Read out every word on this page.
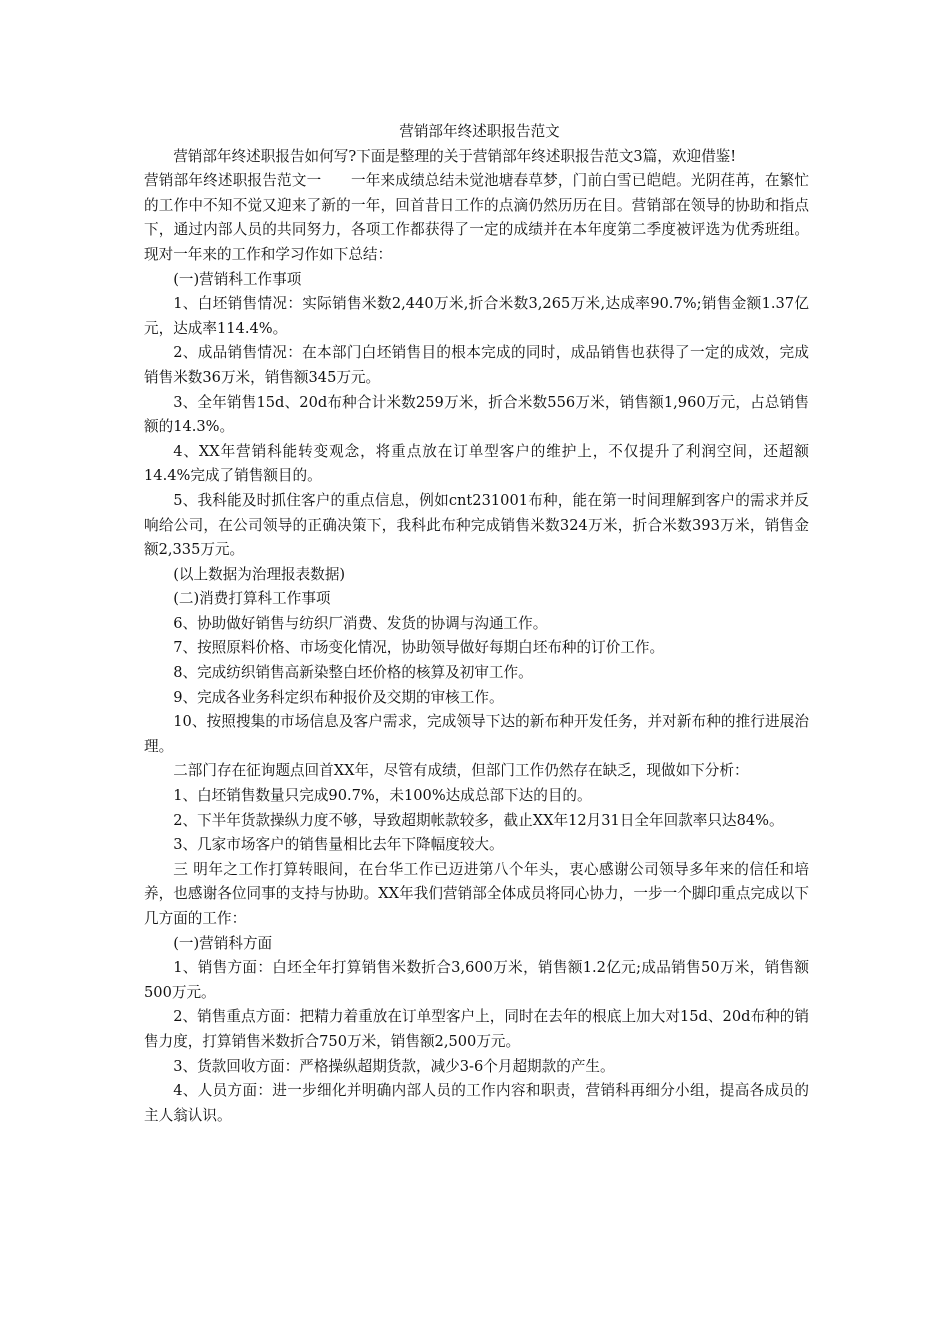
营销部年终述职报告范文

营销部年终述职报告如何写?下面是整理的关于营销部年终述职报告范文3篇，欢迎借鉴!

营销部年终述职报告范文一　　一年来成绩总结未觉池塘春草梦，门前白雪已皑皑。光阴荏苒，在繁忙的工作中不知不觉又迎来了新的一年，回首昔日工作的点滴仍然历历在目。营销部在领导的协助和指点下，通过内部人员的共同努力，各项工作都获得了一定的成绩并在本年度第二季度被评选为优秀班组。现对一年来的工作和学习作如下总结：

(一)营销科工作事项

1、白坯销售情况：实际销售米数2,440万米,折合米数3,265万米,达成率90.7%;销售金额1.37亿元，达成率114.4%。

2、成品销售情况：在本部门白坯销售目的根本完成的同时，成品销售也获得了一定的成效，完成销售米数36万米，销售额345万元。

3、全年销售15d、20d布种合计米数259万米，折合米数556万米，销售额1,960万元，占总销售额的14.3%。

4、XX年营销科能转变观念，将重点放在订单型客户的维护上，不仅提升了利润空间，还超额14.4%完成了销售额目的。

5、我科能及时抓住客户的重点信息，例如cnt231001布种，能在第一时间理解到客户的需求并反响给公司，在公司领导的正确决策下，我科此布种完成销售米数324万米，折合米数393万米，销售金额2,335万元。

(以上数据为治理报表数据)

(二)消费打算科工作事项

6、协助做好销售与纺织厂消费、发货的协调与沟通工作。

7、按照原料价格、市场变化情况，协助领导做好每期白坯布种的订价工作。

8、完成纺织销售高新染整白坯价格的核算及初审工作。

9、完成各业务科定织布种报价及交期的审核工作。

10、按照搜集的市场信息及客户需求，完成领导下达的新布种开发任务，并对新布种的推行进展治理。

二部门存在征询题点回首XX年，尽管有成绩，但部门工作仍然存在缺乏，现做如下分析：

1、白坯销售数量只完成90.7%，未100%达成总部下达的目的。

2、下半年货款操纵力度不够，导致超期帐款较多，截止XX年12月31日全年回款率只达84%。

3、几家市场客户的销售量相比去年下降幅度较大。

三 明年之工作打算转眼间，在台华工作已迈进第八个年头，衷心感谢公司领导多年来的信任和培养，也感谢各位同事的支持与协助。XX年我们营销部全体成员将同心协力，一步一个脚印重点完成以下几方面的工作：

(一)营销科方面

1、销售方面：白坯全年打算销售米数折合3,600万米，销售额1.2亿元;成品销售50万米，销售额500万元。

2、销售重点方面：把精力着重放在订单型客户上，同时在去年的根底上加大对15d、20d布种的销售力度，打算销售米数折合750万米，销售额2,500万元。

3、货款回收方面：严格操纵超期货款，减少3-6个月超期款的产生。

4、人员方面：进一步细化并明确内部人员的工作内容和职责，营销科再细分小组，提高各成员的主人翁认识。
